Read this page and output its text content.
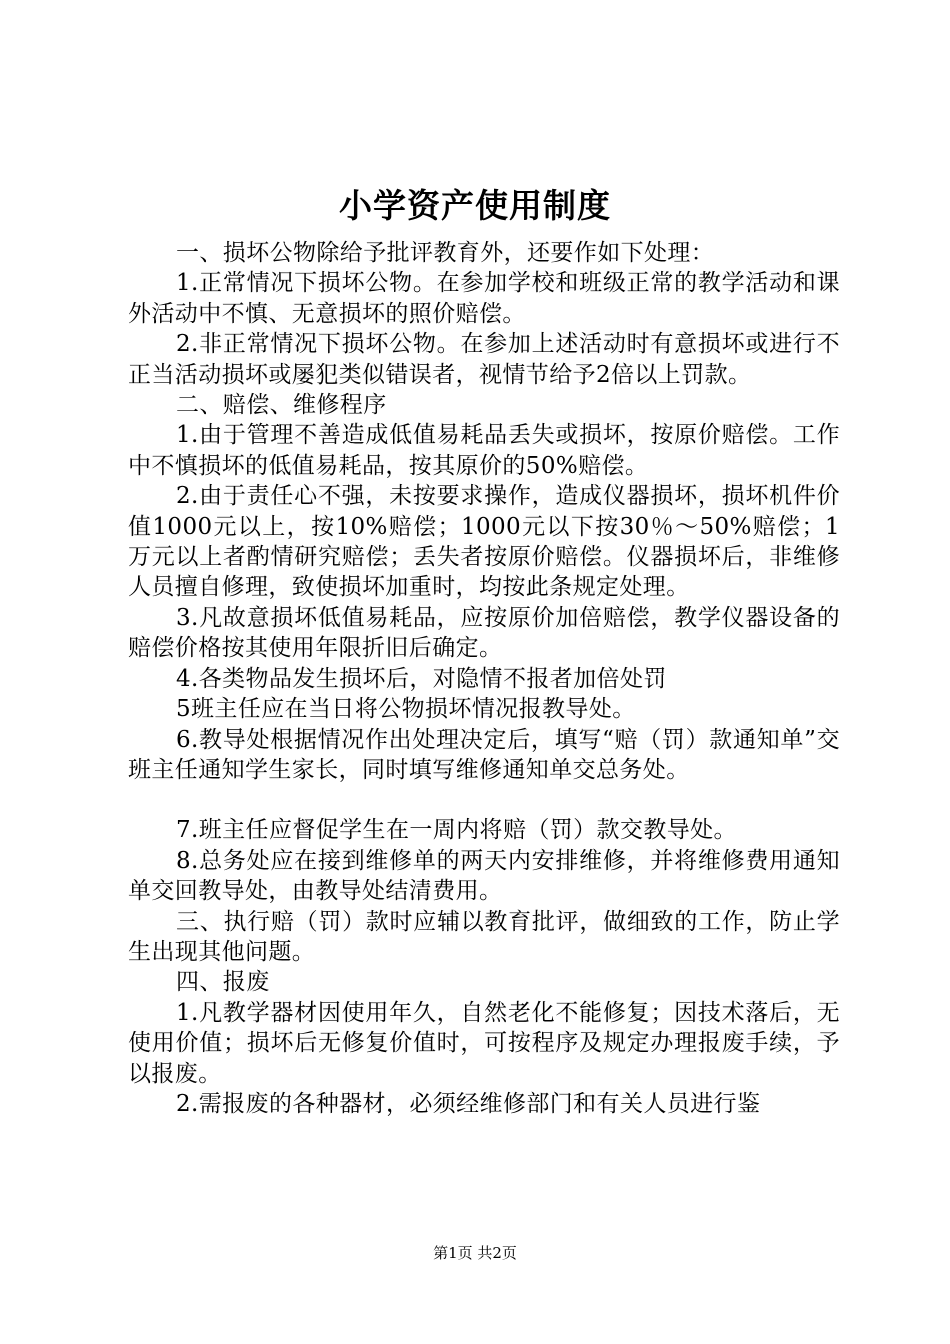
小学资产使用制度

一、损坏公物除给予批评教育外，还要作如下处理：

1.正常情况下损坏公物。在参加学校和班级正常的教学活动和课外活动中不慎、无意损坏的照价赔偿。

2.非正常情况下损坏公物。在参加上述活动时有意损坏或进行不正当活动损坏或屡犯类似错误者，视情节给予2倍以上罚款。

二、赔偿、维修程序

1.由于管理不善造成低值易耗品丢失或损坏，按原价赔偿。工作中不慎损坏的低值易耗品，按其原价的50%赔偿。

2.由于责任心不强，未按要求操作，造成仪器损坏，损坏机件价值1000元以上，按10%赔偿；1000元以下按30％～50%赔偿；1万元以上者酌情研究赔偿；丢失者按原价赔偿。仪器损坏后，非维修人员擅自修理，致使损坏加重时，均按此条规定处理。

3.凡故意损坏低值易耗品，应按原价加倍赔偿，教学仪器设备的赔偿价格按其使用年限折旧后确定。

4.各类物品发生损坏后，对隐情不报者加倍处罚

5班主任应在当日将公物损坏情况报教导处。

6.教导处根据情况作出处理决定后，填写“赔（罚）款通知单”交班主任通知学生家长，同时填写维修通知单交总务处。

7.班主任应督促学生在一周内将赔（罚）款交教导处。

8.总务处应在接到维修单的两天内安排维修，并将维修费用通知单交回教导处，由教导处结清费用。

三、执行赔（罚）款时应辅以教育批评，做细致的工作，防止学生出现其他问题。

四、报废

1.凡教学器材因使用年久，自然老化不能修复；因技术落后，无使用价值；损坏后无修复价值时，可按程序及规定办理报废手续，予以报废。

2.需报废的各种器材，必须经维修部门和有关人员进行鉴

第1页 共2页
